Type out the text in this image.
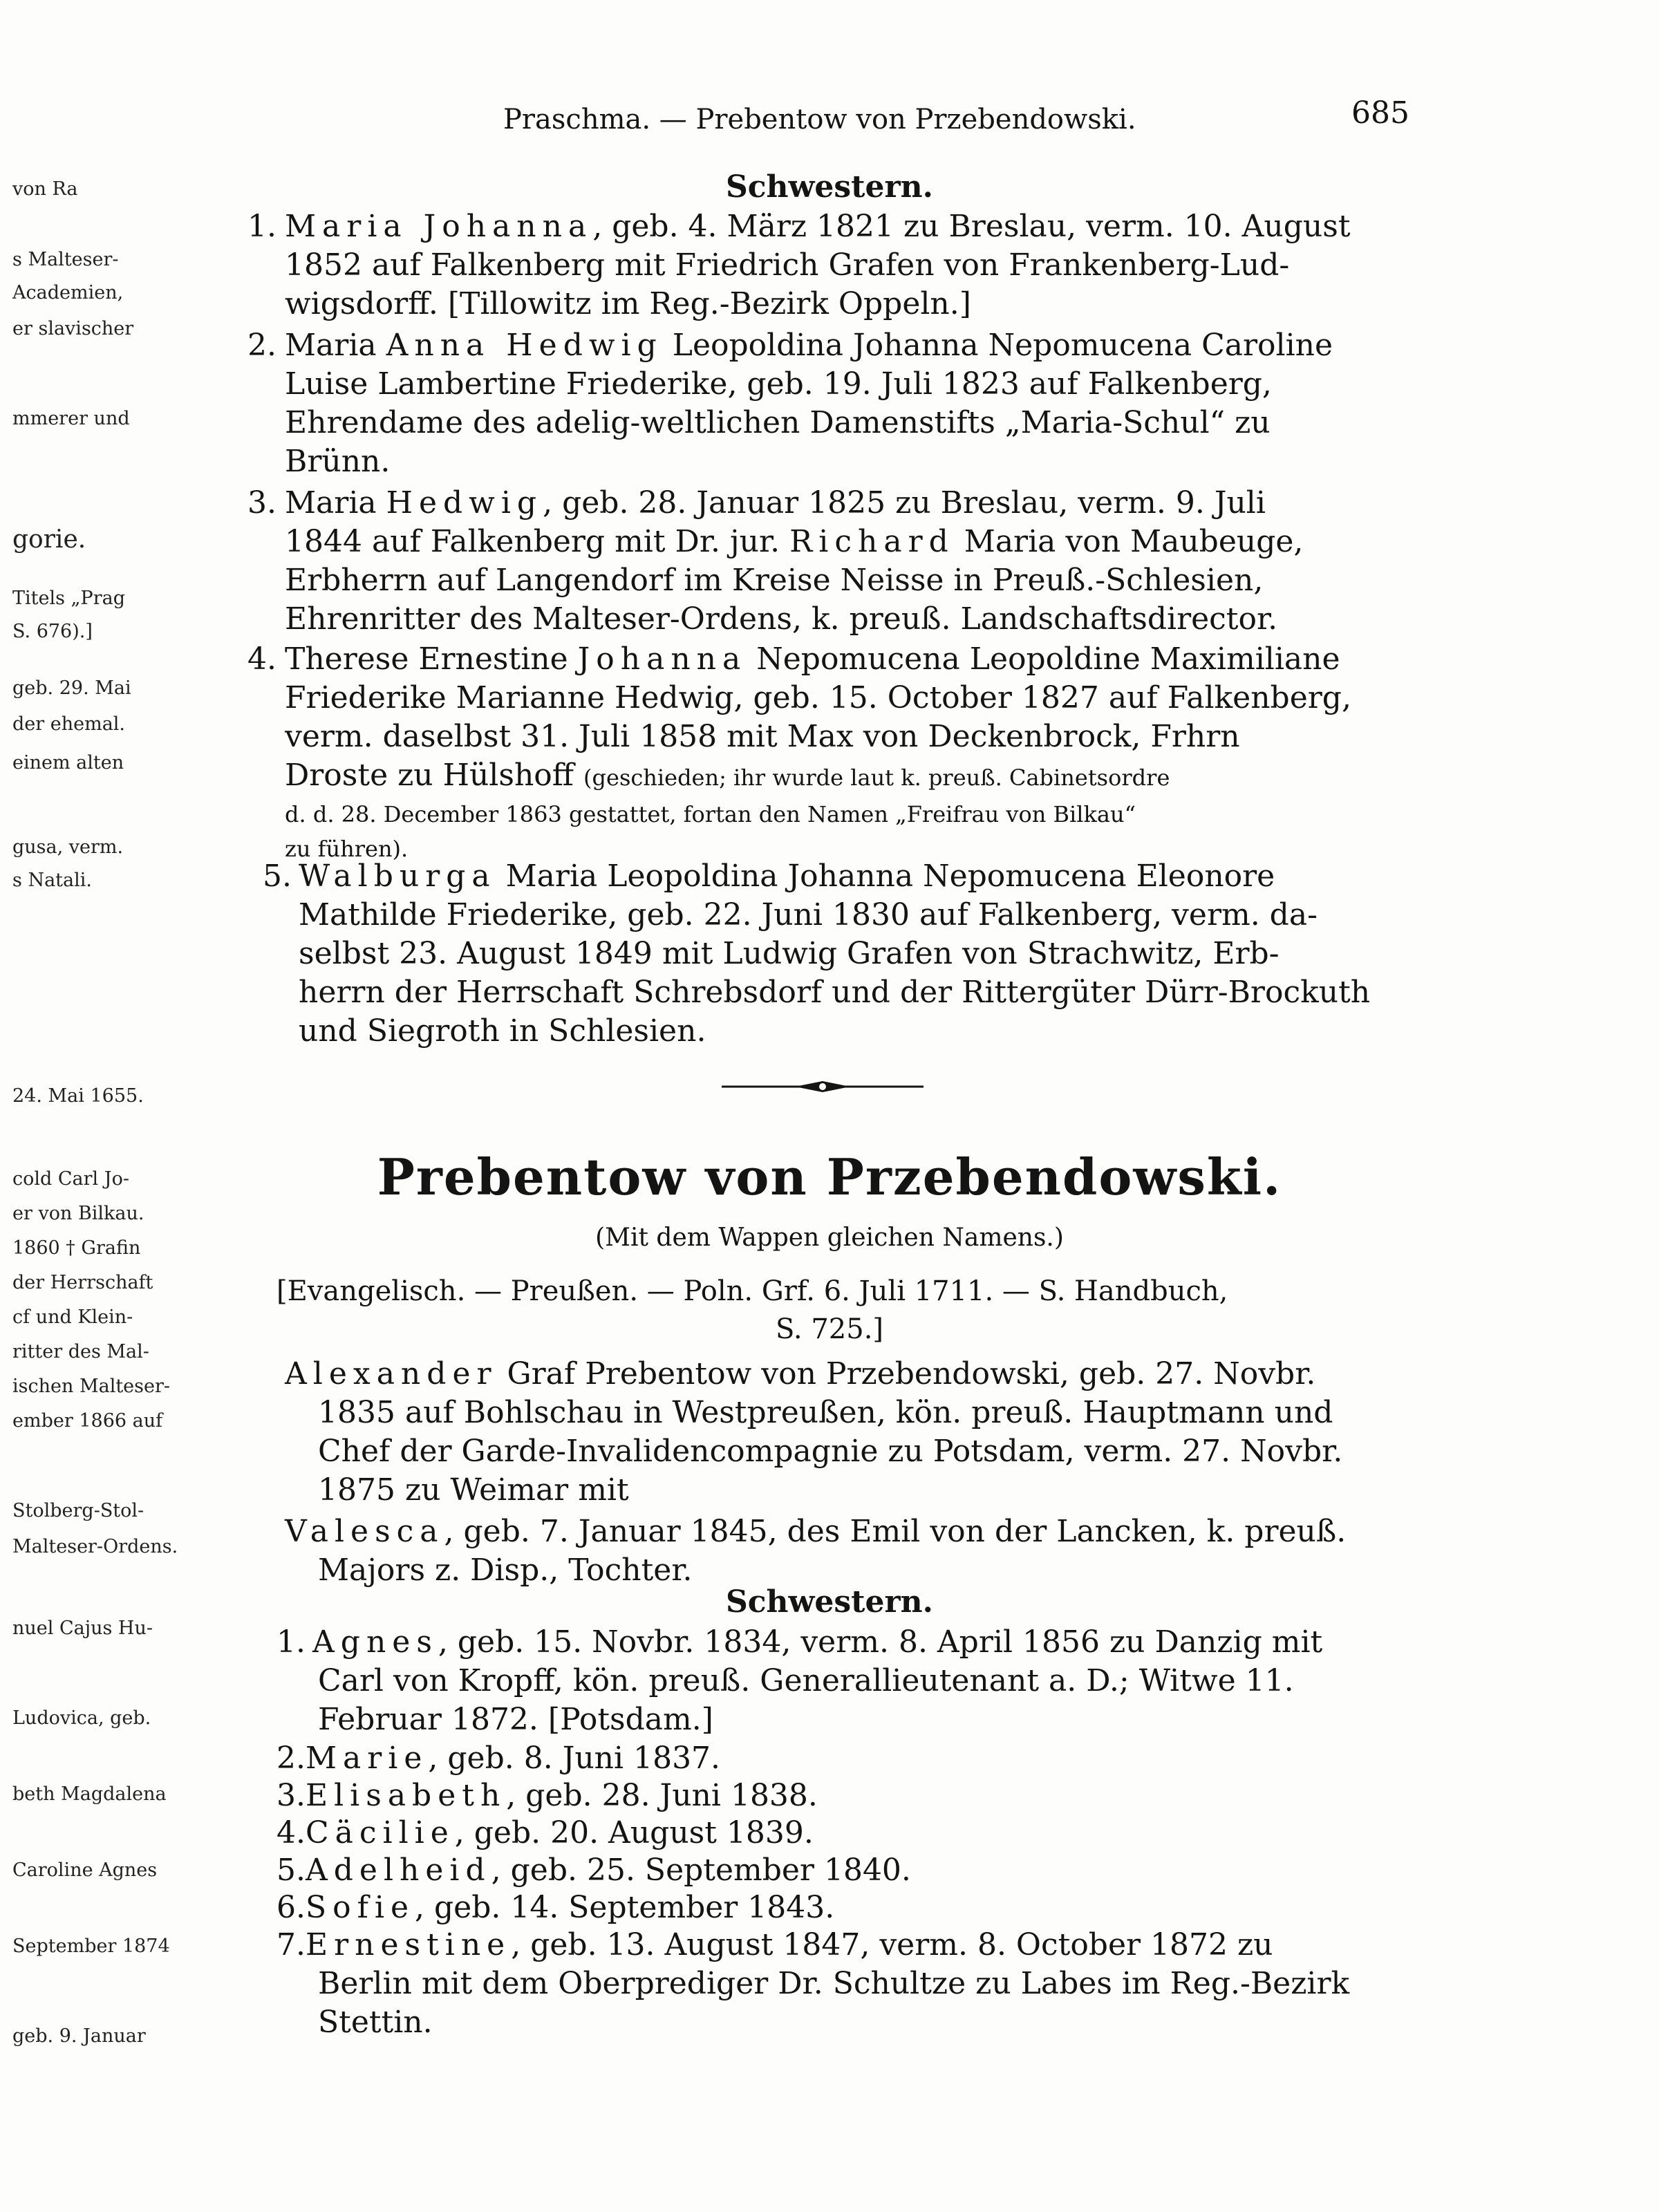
Praschma. — Prebentow von Przebendowski.	685
von Ra
s Malteser-
Academien,
er slavischer
mmerer und
gorie.
Titels „Prag
S. 676).]
geb. 29. Mai
der ehemal.
einem alten
gusa, verm.
s Natali.
24. Mai 1655.
cold Carl Jo-
er von Bilkau.
1860 † Grafin
der Herrschaft
cf und Klein-
ritter des Mal-
ischen Malteser-
ember 1866 auf
Stolberg-Stol-
Malteser-Ordens.
nuel Cajus Hu-
Ludovica, geb.
beth Magdalena
Caroline Agnes
September 1874
geb. 9. Januar
Schwestern.
1. Maria Johanna, geb. 4. März 1821 zu Breslau, verm. 10. August
1852 auf Falkenberg mit Friedrich Grafen von Frankenberg-Lud-
wigsdorff. [Tillowitz im Reg.-Bezirk Oppeln.]
2. Maria Anna Hedwig Leopoldina Johanna Nepomucena Caroline
Luise Lambertine Friederike, geb. 19. Juli 1823 auf Falkenberg,
Ehrendame des adelig-weltlichen Damenstifts „Maria-Schul“ zu
Brünn.
3. Maria Hedwig, geb. 28. Januar 1825 zu Breslau, verm. 9. Juli
1844 auf Falkenberg mit Dr. jur. Richard Maria von Maubeuge,
Erbherrn auf Langendorf im Kreise Neisse in Preuß.-Schlesien,
Ehrenritter des Malteser-Ordens, k. preuß. Landschaftsdirector.
4. Therese Ernestine Johanna Nepomucena Leopoldine Maximiliane
Friederike Marianne Hedwig, geb. 15. October 1827 auf Falkenberg,
verm. daselbst 31. Juli 1858 mit Max von Deckenbrock, Frhrn
Droste zu Hülshoff (geschieden; ihr wurde laut k. preuß. Cabinetsordre
d. d. 28. December 1863 gestattet, fortan den Namen „Freifrau von Bilkau“
zu führen).
5. Walburga Maria Leopoldina Johanna Nepomucena Eleonore
Mathilde Friederike, geb. 22. Juni 1830 auf Falkenberg, verm. da-
selbst 23. August 1849 mit Ludwig Grafen von Strachwitz, Erb-
herrn der Herrschaft Schrebsdorf und der Rittergüter Dürr-Brockuth
und Siegroth in Schlesien.
Prebentow von Przebendowski.
(Mit dem Wappen gleichen Namens.)
[Evangelisch. — Preußen. — Poln. Grf. 6. Juli 1711. — S. Handbuch,
S. 725.]
Alexander Graf Prebentow von Przebendowski, geb. 27. Novbr.
1835 auf Bohlschau in Westpreußen, kön. preuß. Hauptmann und
Chef der Garde-Invalidencompagnie zu Potsdam, verm. 27. Novbr.
1875 zu Weimar mit
Valesca, geb. 7. Januar 1845, des Emil von der Lancken, k. preuß.
Majors z. Disp., Tochter.
Schwestern.
1. Agnes, geb. 15. Novbr. 1834, verm. 8. April 1856 zu Danzig mit
Carl von Kropff, kön. preuß. Generallieutenant a. D.; Witwe 11.
Februar 1872. [Potsdam.]
2.Marie, geb. 8. Juni 1837.
3.Elisabeth, geb. 28. Juni 1838.
4.Cäcilie, geb. 20. August 1839.
5.Adelheid, geb. 25. September 1840.
6.Sofie, geb. 14. September 1843.
7.Ernestine, geb. 13. August 1847, verm. 8. October 1872 zu
Berlin mit dem Oberprediger Dr. Schultze zu Labes im Reg.-Bezirk
Stettin.
